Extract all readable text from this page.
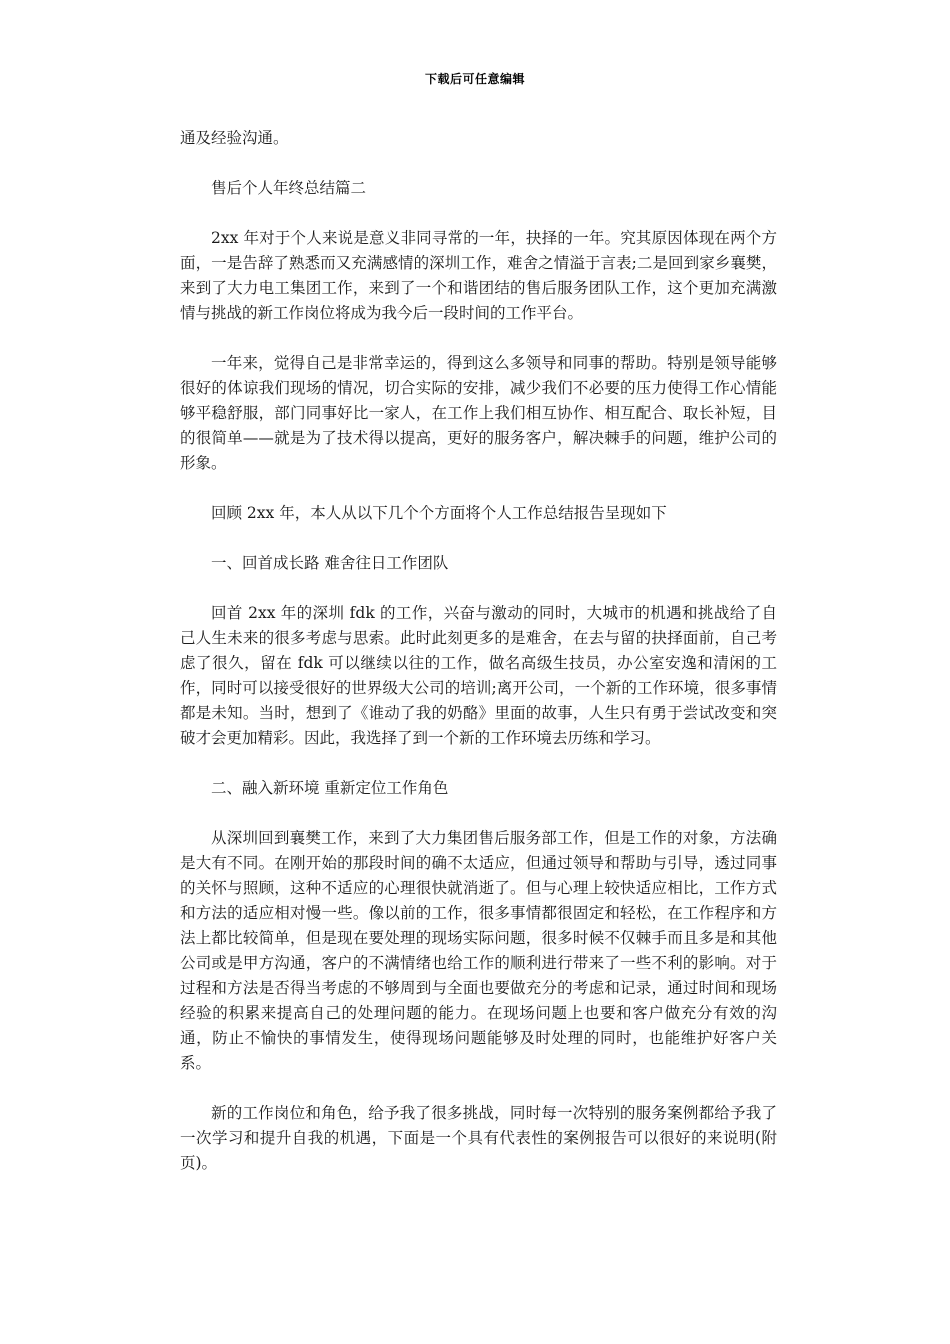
下载后可任意编辑

通及经验沟通。

售后个人年终总结篇二

2xx 年对于个人来说是意义非同寻常的一年，抉择的一年。究其原因体现在两个方面，一是告辞了熟悉而又充满感情的深圳工作，难舍之情溢于言表;二是回到家乡襄樊，来到了大力电工集团工作，来到了一个和谐团结的售后服务团队工作，这个更加充满激情与挑战的新工作岗位将成为我今后一段时间的工作平台。

一年来，觉得自己是非常幸运的，得到这么多领导和同事的帮助。特别是领导能够很好的体谅我们现场的情况，切合实际的安排，减少我们不必要的压力使得工作心情能够平稳舒服，部门同事好比一家人，在工作上我们相互协作、相互配合、取长补短，目的很简单——就是为了技术得以提高，更好的服务客户，解决棘手的问题，维护公司的形象。

回顾 2xx 年，本人从以下几个个方面将个人工作总结报告呈现如下

一、回首成长路 难舍往日工作团队

回首 2xx 年的深圳 fdk 的工作，兴奋与激动的同时，大城市的机遇和挑战给了自己人生未来的很多考虑与思索。此时此刻更多的是难舍，在去与留的抉择面前，自己考虑了很久，留在 fdk 可以继续以往的工作，做名高级生技员，办公室安逸和清闲的工作，同时可以接受很好的世界级大公司的培训;离开公司，一个新的工作环境，很多事情都是未知。当时，想到了《谁动了我的奶酪》里面的故事，人生只有勇于尝试改变和突破才会更加精彩。因此，我选择了到一个新的工作环境去历练和学习。

二、融入新环境 重新定位工作角色

从深圳回到襄樊工作，来到了大力集团售后服务部工作，但是工作的对象，方法确是大有不同。在刚开始的那段时间的确不太适应，但通过领导和帮助与引导，透过同事的关怀与照顾，这种不适应的心理很快就消逝了。但与心理上较快适应相比，工作方式和方法的适应相对慢一些。像以前的工作，很多事情都很固定和轻松，在工作程序和方法上都比较简单，但是现在要处理的现场实际问题，很多时候不仅棘手而且多是和其他公司或是甲方沟通，客户的不满情绪也给工作的顺利进行带来了一些不利的影响。对于过程和方法是否得当考虑的不够周到与全面也要做充分的考虑和记录，通过时间和现场经验的积累来提高自己的处理问题的能力。在现场问题上也要和客户做充分有效的沟通，防止不愉快的事情发生，使得现场问题能够及时处理的同时，也能维护好客户关系。

新的工作岗位和角色，给予我了很多挑战，同时每一次特别的服务案例都给予我了一次学习和提升自我的机遇，下面是一个具有代表性的案例报告可以很好的来说明(附页)。
